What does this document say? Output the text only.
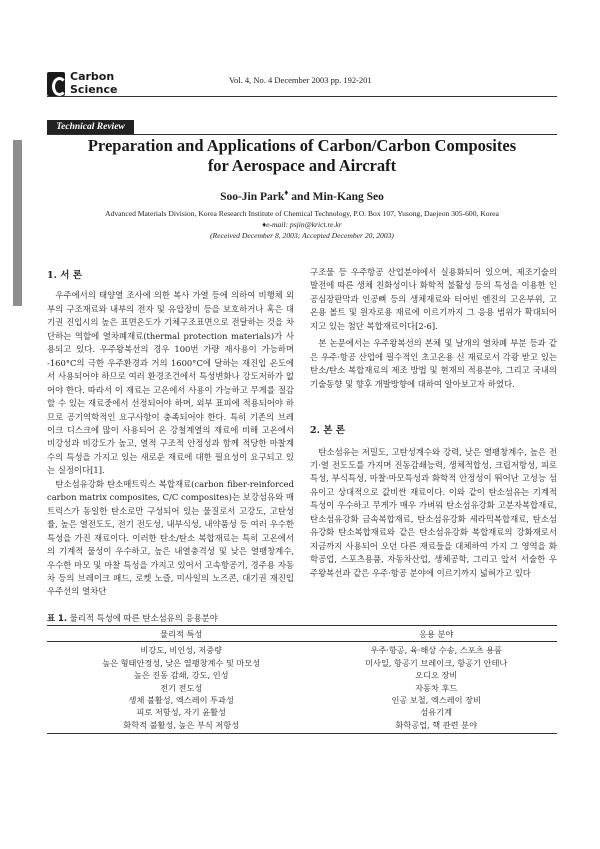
Carbon
Science
Vol. 4, No. 4 December 2003 pp. 192-201
Technical Review
Preparation and Applications of Carbon/Carbon Composites
for Aerospace and Aircraft
Soo-Jin Park♦ and Min-Kang Seo
Advanced Materials Division, Korea Research Institute of Chemical Technology, P.O. Box 107, Yusong, Daejeon 305-600, Korea
♦e-mail: psjin@krict.re.kr
(Received December 8, 2003; Accepted December 20, 2003)
1. 서 론

우주에서의 태양열 조사에 의한 복사 가열 등에 의하여 비행체 외부의 구조재료와 내부의 전자 및 유압장비 등을 보호하거나 혹은 대기권 진입시의 높은 표면온도가 기체구조표면으로 전달하는 것을 차단하는 역할에 열차폐재료(thermal protection materials)가 사용되고 있다. 우주왕복선의 경우 100번 가량 재사용이 가능하며 -160°C의 극한 우주환경과 거의 1600°C에 달하는 재진입 온도에서 사용되어야 하므로 여러 환경조건에서 특성변화나 강도저하가 없어야 한다. 따라서 이 재료는 고온에서 사용이 가능하고 무게를 절감할 수 있는 재료중에서 선정되어야 하며, 외부 표피에 적용되어야 하므로 공기역학적인 요구사항이 충족되어야 한다. 특히 기존의 브레이크 디스크에 많이 사용되어 온 강철계열의 재료에 비해 고온에서 비강성과 비강도가 높고, 열적 구조적 안정성과 함께 적당한 마찰계수의 특성을 가지고 있는 새로운 재료에 대한 필요성이 요구되고 있는 실정이다[1].

탄소섬유강화 탄소매트릭스 복합재료(carbon fiber-reinforced carbon matrix composites, C/C composites)는 보강섬유와 매트릭스가 동일한 탄소로만 구성되어 있는 물질로서 고강도, 고탄성률, 높은 열전도도, 전기 전도성, 내부식성, 내약품성 등 여러 우수한 특성을 가진 재료이다. 이러한 탄소/탄소 복합재료는 특히 고온에서의 기계적 물성이 우수하고, 높은 내열충격성 및 낮은 열팽창계수, 우수한 마모 및 마찰 특성을 가지고 있어서 고속항공기, 경주용 자동차 등의 브레이크 패드, 로켓 노즐, 미사일의 노즈콘, 대기권 재진입 우주선의 열차단

구조물 등 우주항공 산업분야에서 실용화되어 있으며, 제조기술의 발전에 따른 생체 친화성이나 화학적 불활성 등의 특성을 이용한 인공심장판막과 인공뼈 등의 생체재료와 터어빈 엔진의 고온부위, 고온용 볼트 및 원자로용 재료에 이르기까지 그 응용 범위가 확대되어지고 있는 첨단 복합재료이다[2-6].

본 논문에서는 우주왕복선의 본체 및 날개의 열차폐 부분 등과 같은 우주·항공 산업에 필수적인 초고온용 신 재료로서 각광 받고 있는 탄소/탄소 복합재료의 제조 방법 및 현재의 적용분야, 그리고 국내의 기술동향 및 향후 개발방향에 대하여 알아보고자 하였다.

2. 본 론

탄소섬유는 저밀도, 고탄성계수와 강력, 낮은 열팽창계수, 높은 전기·열 전도도를 가지며 진동감쇄능력, 생체적합성, 크립저항성, 피로특성, 부식특성, 마찰·마모특성과 화학적 안정성이 뛰어난 고성능 섬유이고 상대적으로 값비싼 재료이다. 이와 같이 탄소섬유는 기계적 특성이 우수하고 무게가 매우 가벼워 탄소섬유강화 고분자복합재료, 탄소섬유강화 금속복합재료, 탄소섬유강화 세라믹복합재료, 탄소섬유강화 탄소복합재료와 같은 탄소섬유강화 복합재료의 강화재로서 지금까지 사용되어 오던 다른 재료들을 대체하여 가지 그 영역을 화학공업, 스포츠용품, 자동차산업, 생체공학, 그리고 앞서 서술한 우주왕복선과 같은 우주·항공 분야에 이르기까지 넓혀가고 있다

표 1. 물리적 특성에 따른 탄소섬유의 응용분야
물리적 특성	응용 분야
비강도, 비인성, 저중량	우주·항공, 육·해상 수송, 스포츠 용품
높은 형태안정성, 낮은 열팽창계수 및 마모성	미사일, 항공기 브레이크, 항공기 안테나
높은 진동 감쇄, 강도, 인성	오디오 장비
전기 전도성	자동차 후드
생체 불활성, 엑스레이 투과성	인공 보철, 엑스레이 장비
피로 저항성, 자기 윤활성	섬유기계
화학적 불활성, 높은 부식 저항성	화학공업, 핵 관련 분야
